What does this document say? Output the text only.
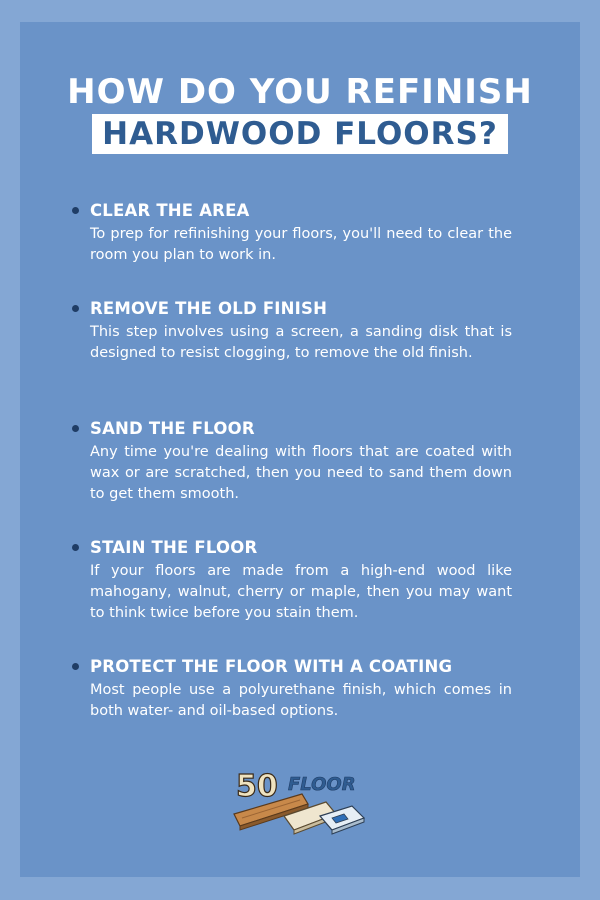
HOW DO YOU REFINISH
HARDWOOD FLOORS?

CLEAR THE AREA

To prep for refinishing your floors, you'll need to clear the room you plan to work in.

REMOVE THE OLD FINISH

This step involves using a screen, a sanding disk that is designed to resist clogging, to remove the old finish.

SAND THE FLOOR

Any time you're dealing with floors that are coated with wax or are scratched, then you need to sand them down to get them smooth.

STAIN THE FLOOR

If your floors are made from a high-end wood like mahogany, walnut, cherry or maple, then you may want to think twice before you stain them.

PROTECT THE FLOOR WITH A COATING

Most people use a polyurethane finish, which comes in both water- and oil-based options.

50 FLOOR
